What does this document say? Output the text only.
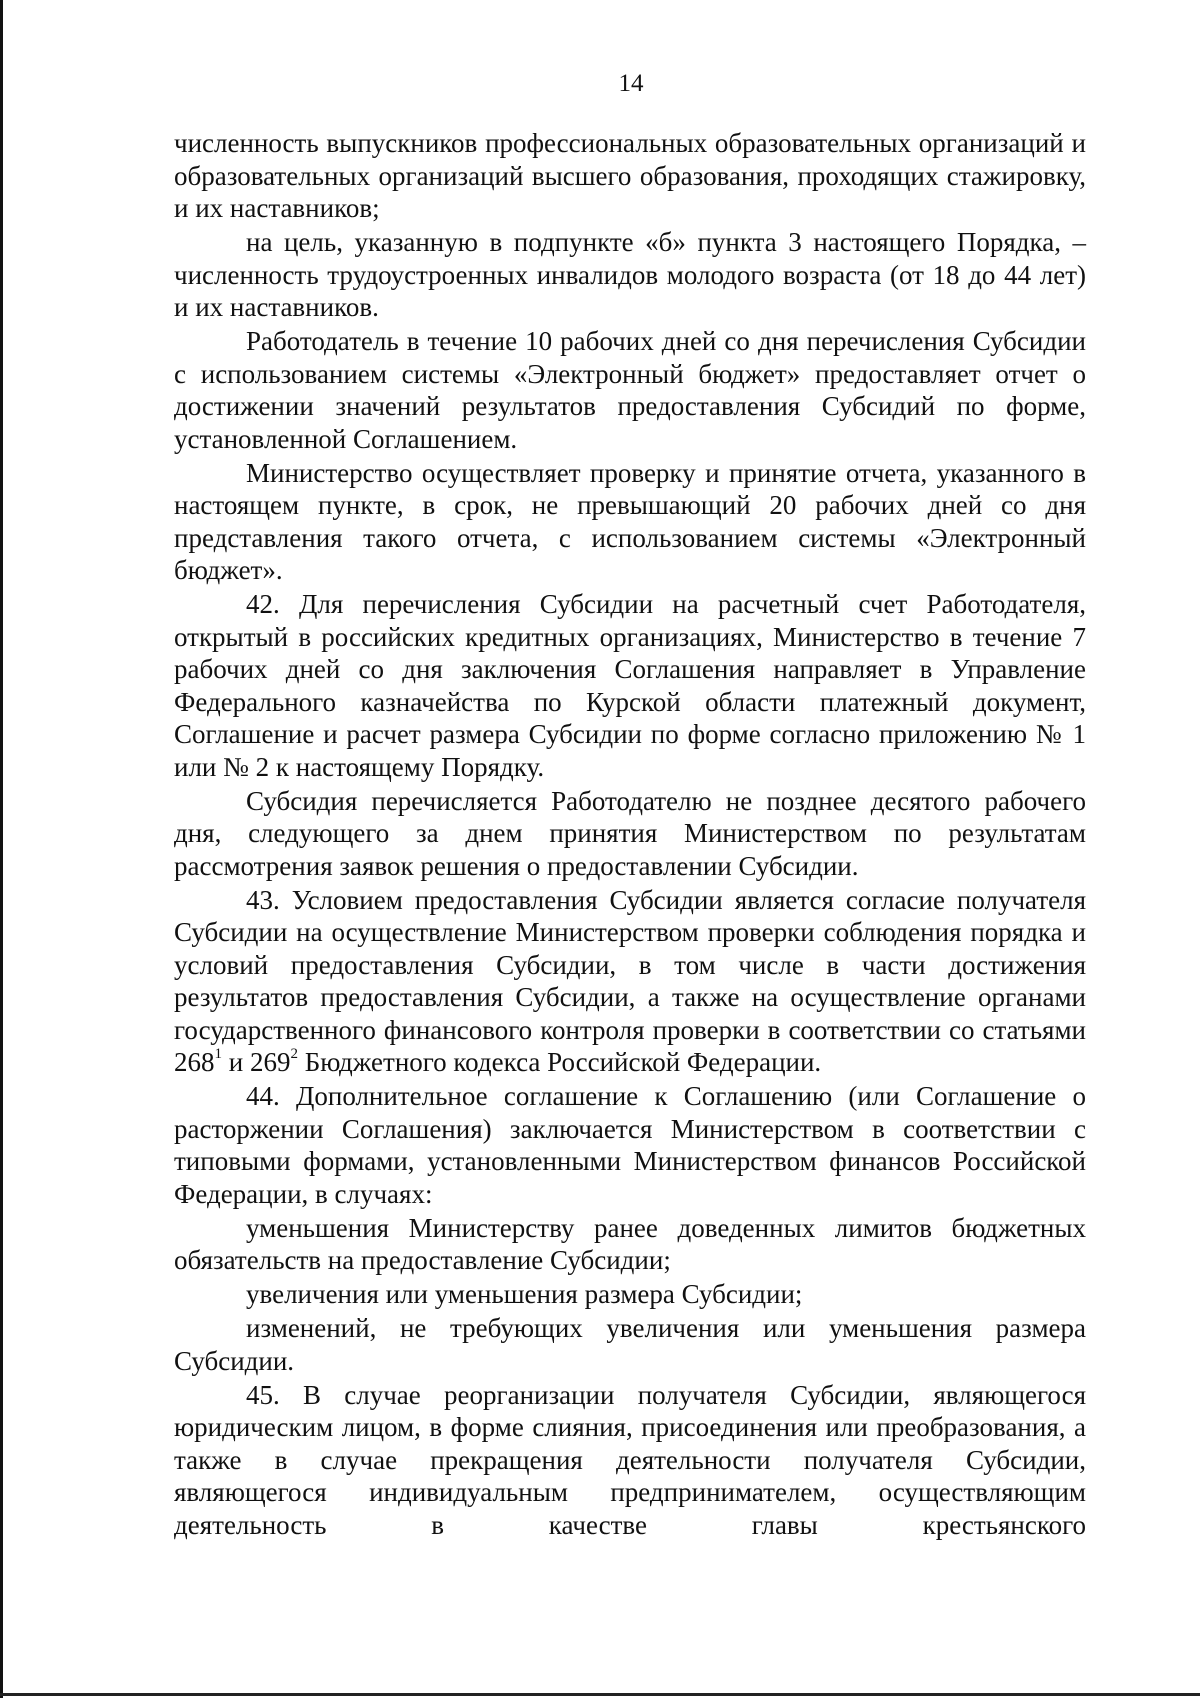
14

численность выпускников профессиональных образовательных организаций и образовательных организаций высшего образования, проходящих стажировку, и их наставников;

на цель, указанную в подпункте «б» пункта 3 настоящего Порядка, – численность трудоустроенных инвалидов молодого возраста (от 18 до 44 лет) и их наставников.

Работодатель в течение 10 рабочих дней со дня перечисления Субсидии с использованием системы «Электронный бюджет» предоставляет отчет о достижении значений результатов предоставления Субсидий по форме, установленной Соглашением.

Министерство осуществляет проверку и принятие отчета, указанного в настоящем пункте, в срок, не превышающий 20 рабочих дней со дня представления такого отчета, с использованием системы «Электронный бюджет».

42. Для перечисления Субсидии на расчетный счет Работодателя, открытый в российских кредитных организациях, Министерство в течение 7 рабочих дней со дня заключения Соглашения направляет в Управление Федерального казначейства по Курской области платежный документ, Соглашение и расчет размера Субсидии по форме согласно приложению № 1 или № 2 к настоящему Порядку.

Субсидия перечисляется Работодателю не позднее десятого рабочего дня, следующего за днем принятия Министерством по результатам рассмотрения заявок решения о предоставлении Субсидии.

43. Условием предоставления Субсидии является согласие получателя Субсидии на осуществление Министерством проверки соблюдения порядка и условий предоставления Субсидии, в том числе в части достижения результатов предоставления Субсидии, а также на осуществление органами государственного финансового контроля проверки в соответствии со статьями $268^1$ и $269^2$ Бюджетного кодекса Российской Федерации.

44. Дополнительное соглашение к Соглашению (или Соглашение о расторжении Соглашения) заключается Министерством в соответствии с типовыми формами, установленными Министерством финансов Российской Федерации, в случаях:

уменьшения Министерству ранее доведенных лимитов бюджетных обязательств на предоставление Субсидии;

увеличения или уменьшения размера Субсидии;

изменений, не требующих увеличения или уменьшения размера Субсидии.

45. В случае реорганизации получателя Субсидии, являющегося юридическим лицом, в форме слияния, присоединения или преобразования, а также в случае прекращения деятельности получателя Субсидии, являющегося индивидуальным предпринимателем, осуществляющим деятельность в качестве главы крестьянского
